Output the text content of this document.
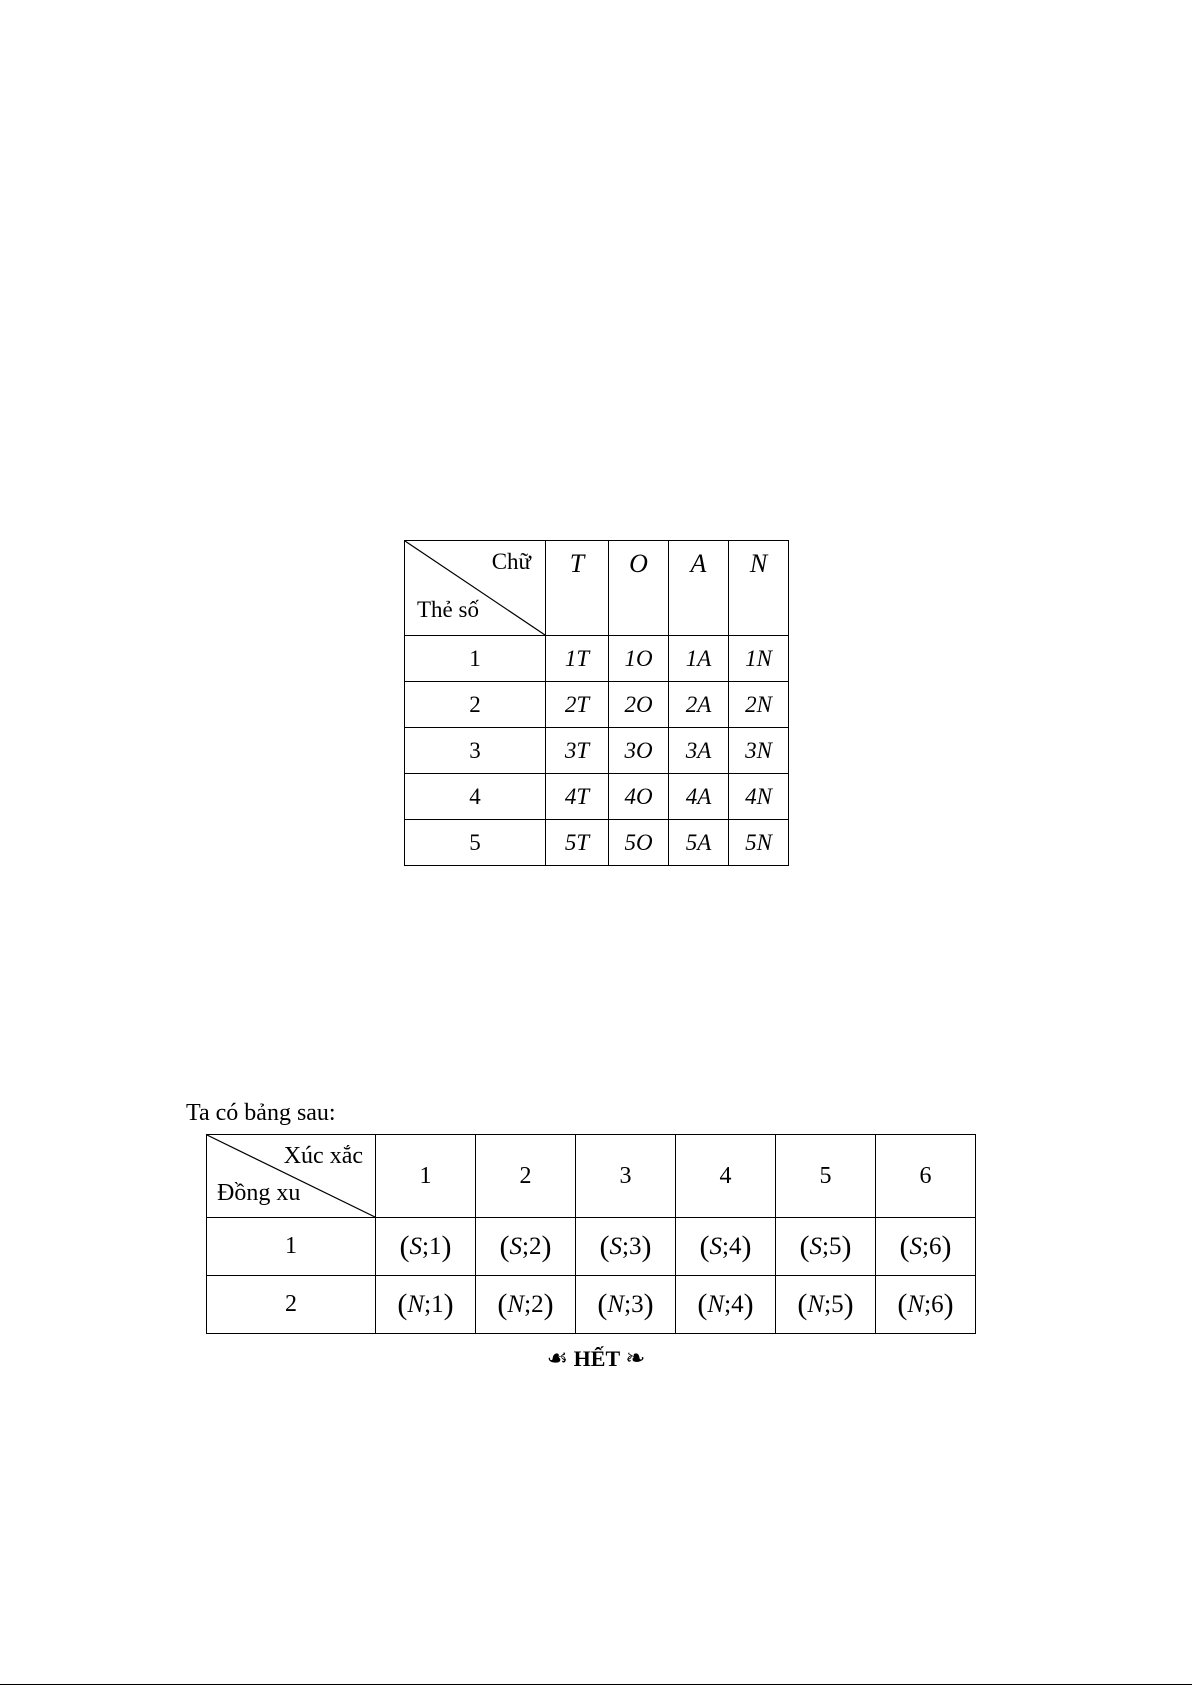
Chữ
Thẻ số	T	O	A	N
1	1T	1O	1A	1N
2	2T	2O	2A	2N
3	3T	3O	3A	3N
4	4T	4O	4A	4N
5	5T	5O	5A	5N
Ta có bảng sau:
Xúc xắc
Đồng xu	1	2	3	4	5	6
1	(S;1)	(S;2)	(S;3)	(S;4)	(S;5)	(S;6)
2	(N;1)	(N;2)	(N;3)	(N;4)	(N;5)	(N;6)
☙ HẾT ❧
